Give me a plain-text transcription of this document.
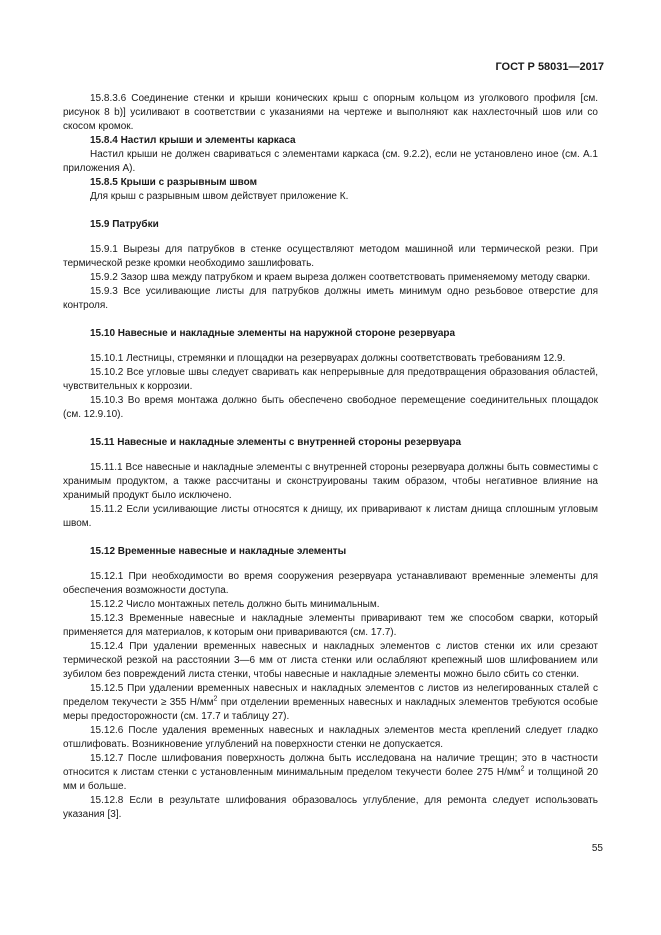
ГОСТ Р 58031—2017

15.8.3.6 Соединение стенки и крыши конических крыш с опорным кольцом из уголкового профиля [см. рисунок 8 b)] усиливают в соответствии с указаниями на чертеже и выполняют как нахлесточный шов или со скосом кромок.

15.8.4 Настил крыши и элементы каркаса

Настил крыши не должен свариваться с элементами каркаса (см. 9.2.2), если не установлено иное (см. А.1 приложения А).

15.8.5 Крыши с разрывным швом

Для крыш с разрывным швом действует приложение К.

15.9 Патрубки

15.9.1 Вырезы для патрубков в стенке осуществляют методом машинной или термической резки. При термической резке кромки необходимо зашлифовать.

15.9.2 Зазор шва между патрубком и краем выреза должен соответствовать применяемому методу сварки.

15.9.3 Все усиливающие листы для патрубков должны иметь минимум одно резьбовое отверстие для контроля.

15.10 Навесные и накладные элементы на наружной стороне резервуара

15.10.1 Лестницы, стремянки и площадки на резервуарах должны соответствовать требованиям 12.9.

15.10.2 Все угловые швы следует сваривать как непрерывные для предотвращения образования областей, чувствительных к коррозии.

15.10.3 Во время монтажа должно быть обеспечено свободное перемещение соединительных площадок (см. 12.9.10).

15.11 Навесные и накладные элементы с внутренней стороны резервуара

15.11.1 Все навесные и накладные элементы с внутренней стороны резервуара должны быть совместимы с хранимым продуктом, а также рассчитаны и сконструированы таким образом, чтобы негативное влияние на хранимый продукт было исключено.

15.11.2 Если усиливающие листы относятся к днищу, их приваривают к листам днища сплошным угловым швом.

15.12 Временные навесные и накладные элементы

15.12.1 При необходимости во время сооружения резервуара устанавливают временные элементы для обеспечения возможности доступа.

15.12.2 Число монтажных петель должно быть минимальным.

15.12.3 Временные навесные и накладные элементы приваривают тем же способом сварки, который применяется для материалов, к которым они привариваются (см. 17.7).

15.12.4 При удалении временных навесных и накладных элементов с листов стенки их или срезают термической резкой на расстоянии 3—6 мм от листа стенки или ослабляют крепежный шов шлифованием или зубилом без повреждений листа стенки, чтобы навесные и накладные элементы можно было сбить со стенки.

15.12.5 При удалении временных навесных и накладных элементов с листов из нелегированных сталей с пределом текучести ≥ 355 $Н/мм^2$ при отделении временных навесных и накладных элементов требуются особые меры предосторожности (см. 17.7 и таблицу 27).

15.12.6 После удаления временных навесных и накладных элементов места креплений следует гладко отшлифовать. Возникновение углублений на поверхности стенки не допускается.

15.12.7 После шлифования поверхность должна быть исследована на наличие трещин; это в частности относится к листам стенки с установленным минимальным пределом текучести более 275 $Н/мм^2$ и толщиной 20 мм и больше.

15.12.8 Если в результате шлифования образовалось углубление, для ремонта следует использовать указания [3].

55
